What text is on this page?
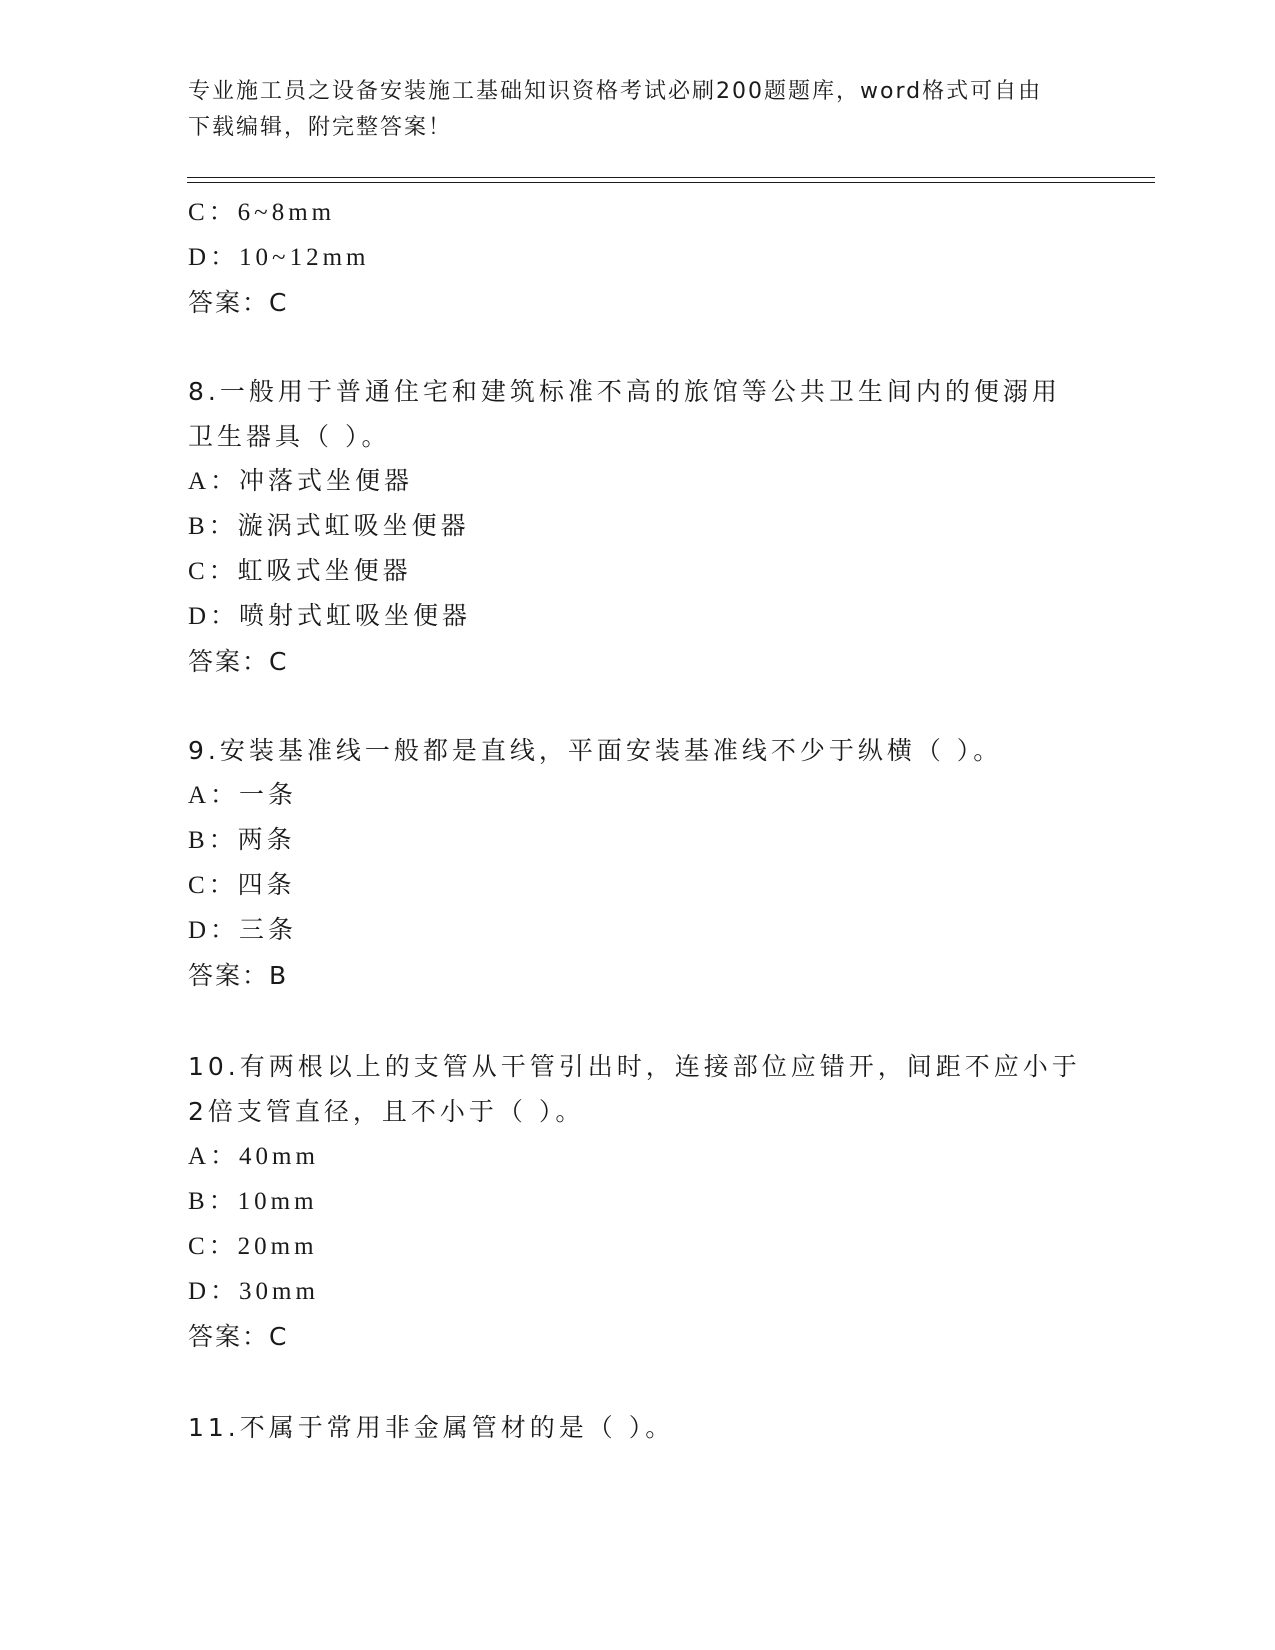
专业施工员之设备安装施工基础知识资格考试必刷200题题库，word格式可自由
下载编辑，附完整答案！
C：6~8mm
D：10~12mm
答案：C
8.一般用于普通住宅和建筑标准不高的旅馆等公共卫生间内的便溺用
卫生器具（ ）。
A：冲落式坐便器
B：漩涡式虹吸坐便器
C：虹吸式坐便器
D：喷射式虹吸坐便器
答案：C
9.安装基准线一般都是直线，平面安装基准线不少于纵横（ ）。
A：一条
B：两条
C：四条
D：三条
答案：B
10.有两根以上的支管从干管引出时，连接部位应错开，间距不应小于
2倍支管直径，且不小于（ ）。
A：40mm
B：10mm
C：20mm
D：30mm
答案：C
11.不属于常用非金属管材的是（ ）。
